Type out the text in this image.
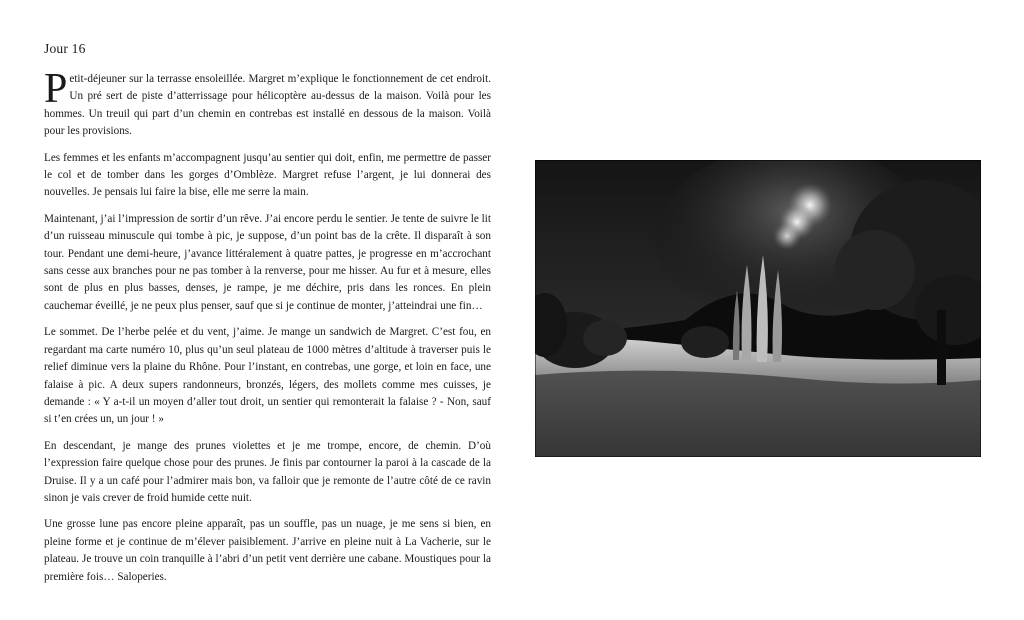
Jour 16

Petit-déjeuner sur la terrasse ensoleillée. Margret m’explique le fonctionnement de cet endroit. Un pré sert de piste d’atterrissage pour hélicoptère au-dessus de la maison. Voilà pour les hommes. Un treuil qui part d’un chemin en contrebas est installé en dessous de la maison. Voilà pour les provisions.

Les femmes et les enfants m’accompagnent jusqu’au sentier qui doit, enfin, me permettre de passer le col et de tomber dans les gorges d’Omblèze. Margret refuse l’argent, je lui donnerai des nouvelles. Je pensais lui faire la bise, elle me serre la main.

Maintenant, j’ai l’impression de sortir d’un rêve. J’ai encore perdu le sentier. Je tente de suivre le lit d’un ruisseau minuscule qui tombe à pic, je suppose, d’un point bas de la crête. Il disparaît à son tour. Pendant une demi-heure, j’avance littéralement à quatre pattes, je progresse en m’accrochant sans cesse aux branches pour ne pas tomber à la renverse, pour me hisser. Au fur et à mesure, elles sont de plus en plus basses, denses, je rampe, je me déchire, pris dans les ronces. En plein cauchemar éveillé, je ne peux plus penser, sauf que si je continue de monter, j’atteindrai une fin…

Le sommet. De l’herbe pelée et du vent, j’aime. Je mange un sandwich de Margret. C’est fou, en regardant ma carte numéro 10, plus qu’un seul plateau de 1000 mètres d’altitude à traverser puis le relief diminue vers la plaine du Rhône. Pour l’instant, en contrebas, une gorge, et loin en face, une falaise à pic. A deux supers randonneurs, bronzés, légers, des mollets comme mes cuisses, je demande : « Y a-t-il un moyen d’aller tout droit, un sentier qui remonterait la falaise ? - Non, sauf si t’en crées un, un jour ! »

En descendant, je mange des prunes violettes et je me trompe, encore, de chemin. D’où l’expression faire quelque chose pour des prunes. Je finis par contourner la paroi à la cascade de la Druise. Il y a un café pour l’admirer mais bon, va falloir que je remonte de l’autre côté de ce ravin sinon je vais crever de froid humide cette nuit.

Une grosse lune pas encore pleine apparaît, pas un souffle, pas un nuage, je me sens si bien, en pleine forme et je continue de m’élever paisiblement. J’arrive en pleine nuit à La Vacherie, sur le plateau. Je trouve un coin tranquille à l’abri d’un petit vent derrière une cabane. Moustiques pour la première fois… Saloperies.
